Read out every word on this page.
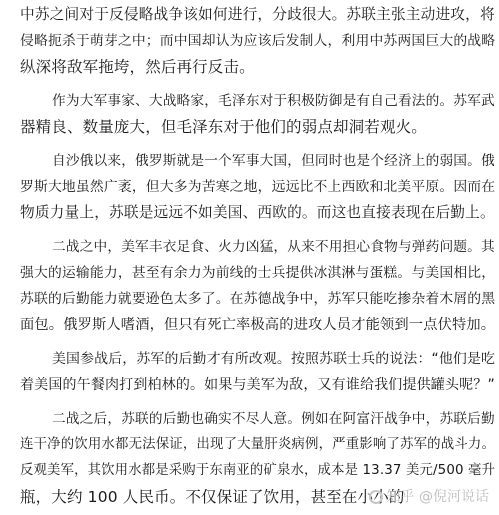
中苏之间对于反侵略战争该如何进行，分歧很大。苏联主张主动进攻，将
侵略扼杀于萌芽之中；而中国却认为应该后发制人，利用中苏两国巨大的战略
纵深将敌军拖垮，然后再行反击。
作为大军事家、大战略家，毛泽东对于积极防御是有自己看法的。苏军武
器精良、数量庞大，但毛泽东对于他们的弱点却洞若观火。
自沙俄以来，俄罗斯就是一个军事大国，但同时也是个经济上的弱国。俄
罗斯大地虽然广袤，但大多为苦寒之地，远远比不上西欧和北美平原。因而在
物质力量上，苏联是远远不如美国、西欧的。而这也直接表现在后勤上。
二战之中，美军丰衣足食、火力凶猛，从来不用担心食物与弹药问题。其
强大的运输能力，甚至有余力为前线的士兵提供冰淇淋与蛋糕。与美国相比，
苏联的后勤能力就要逊色太多了。在苏德战争中，苏军只能吃掺杂着木屑的黑
面包。俄罗斯人嗜酒，但只有死亡率极高的进攻人员才能领到一点伏特加。
美国参战后，苏军的后勤才有所改观。按照苏联士兵的说法：“他们是吃
着美国的午餐肉打到柏林的。如果与美军为敌，又有谁给我们提供罐头呢？”
二战之后，苏联的后勤也确实不尽人意。例如在阿富汗战争中，苏联后勤
连干净的饮用水都无法保证，出现了大量肝炎病例，严重影响了苏军的战斗力。
反观美军，其饮用水都是采购于东南亚的矿泉水，成本是 13.37 美元/500 毫升
瓶，大约 100 人民币。不仅保证了饮用，甚至在小小的
知乎 @倪河说话
